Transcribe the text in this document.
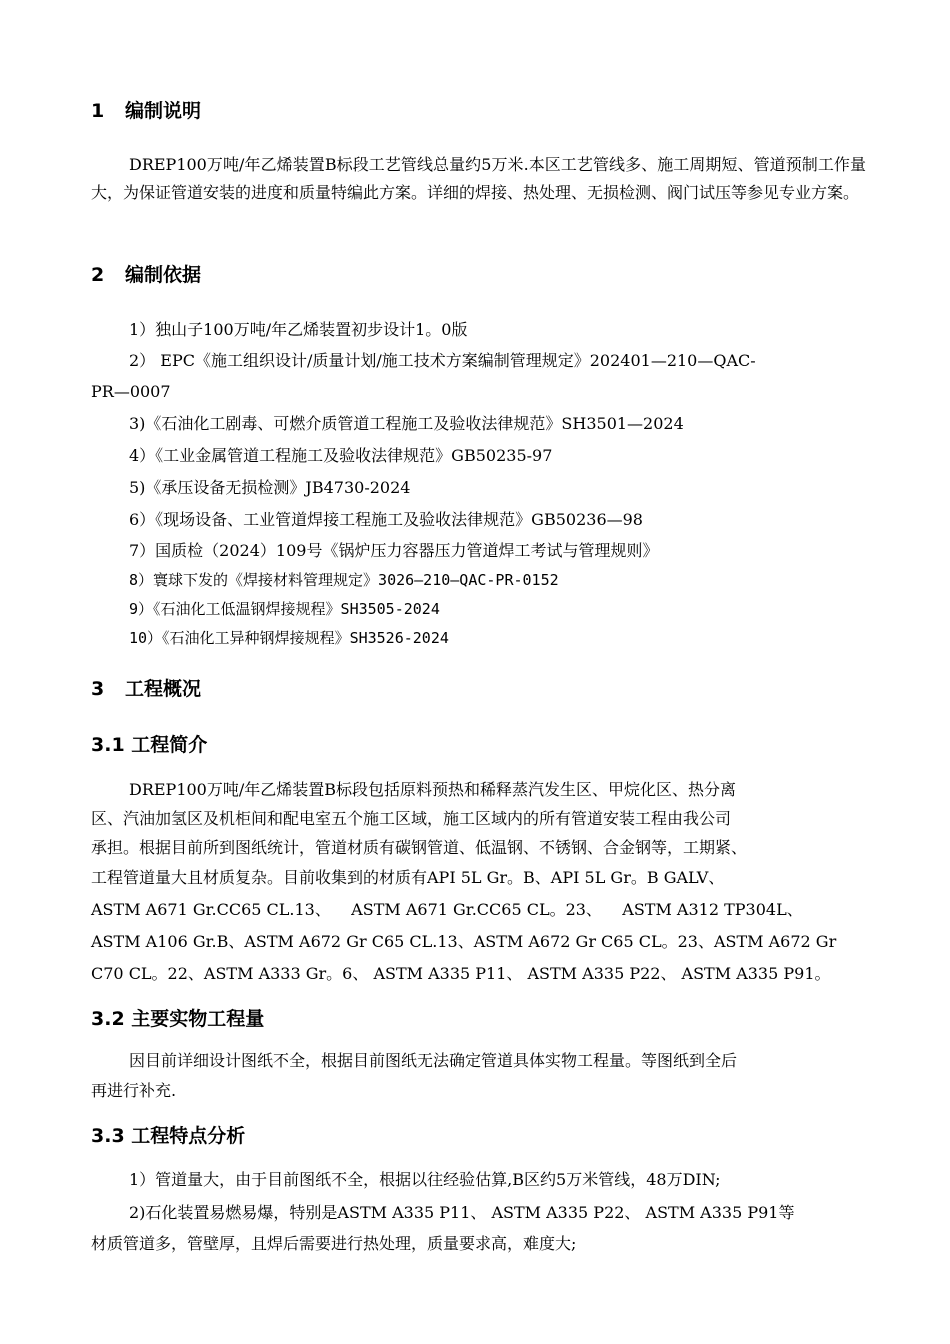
1 编制说明
DREP100万吨/年乙烯装置B标段工艺管线总量约5万米.本区工艺管线多、施工周期短、管道预制工作量大，为保证管道安装的进度和质量特编此方案。详细的焊接、热处理、无损检测、阀门试压等参见专业方案。
2 编制依据
1）独山子100万吨/年乙烯装置初步设计1。0版
2） EPC《施工组织设计/质量计划/施工技术方案编制管理规定》202401—210—QAC-
PR—0007
3)《石油化工剧毒、可燃介质管道工程施工及验收法律规范》SH3501—2024
4）《工业金属管道工程施工及验收法律规范》GB50235-97
5)《承压设备无损检测》JB4730-2024
6）《现场设备、工业管道焊接工程施工及验收法律规范》GB50236—98
7）国质检（2024）109号《锅炉压力容器压力管道焊工考试与管理规则》
8）寰球下发的《焊接材料管理规定》3026—210—QAC-PR-0152
9）《石油化工低温钢焊接规程》SH3505-2024
10）《石油化工异种钢焊接规程》SH3526-2024
3 工程概况
3.1 工程简介
DREP100万吨/年乙烯装置B标段包括原料预热和稀释蒸汽发生区、甲烷化区、热分离
区、汽油加氢区及机柜间和配电室五个施工区域，施工区域内的所有管道安装工程由我公司
承担。根据目前所到图纸统计，管道材质有碳钢管道、低温钢、不锈钢、合金钢等，工期紧、
工程管道量大且材质复杂。目前收集到的材质有API 5L Gr。B、API 5L Gr。B GALV、
ASTM A671 Gr.CC65 CL.13、    ASTM A671 Gr.CC65 CL。23、    ASTM A312 TP304L、
ASTM A106 Gr.B、ASTM A672 Gr C65 CL.13、ASTM A672 Gr C65 CL。23、ASTM A672 Gr
C70 CL。22、ASTM A333 Gr。6、 ASTM A335 P11、 ASTM A335 P22、 ASTM A335 P91。
3.2 主要实物工程量
因目前详细设计图纸不全，根据目前图纸无法确定管道具体实物工程量。等图纸到全后
再进行补充.
3.3 工程特点分析
1）管道量大，由于目前图纸不全，根据以往经验估算,B区约5万米管线，48万DIN;
2)石化装置易燃易爆，特别是ASTM A335 P11、 ASTM A335 P22、 ASTM A335 P91等
材质管道多，管壁厚，且焊后需要进行热处理，质量要求高，难度大;
